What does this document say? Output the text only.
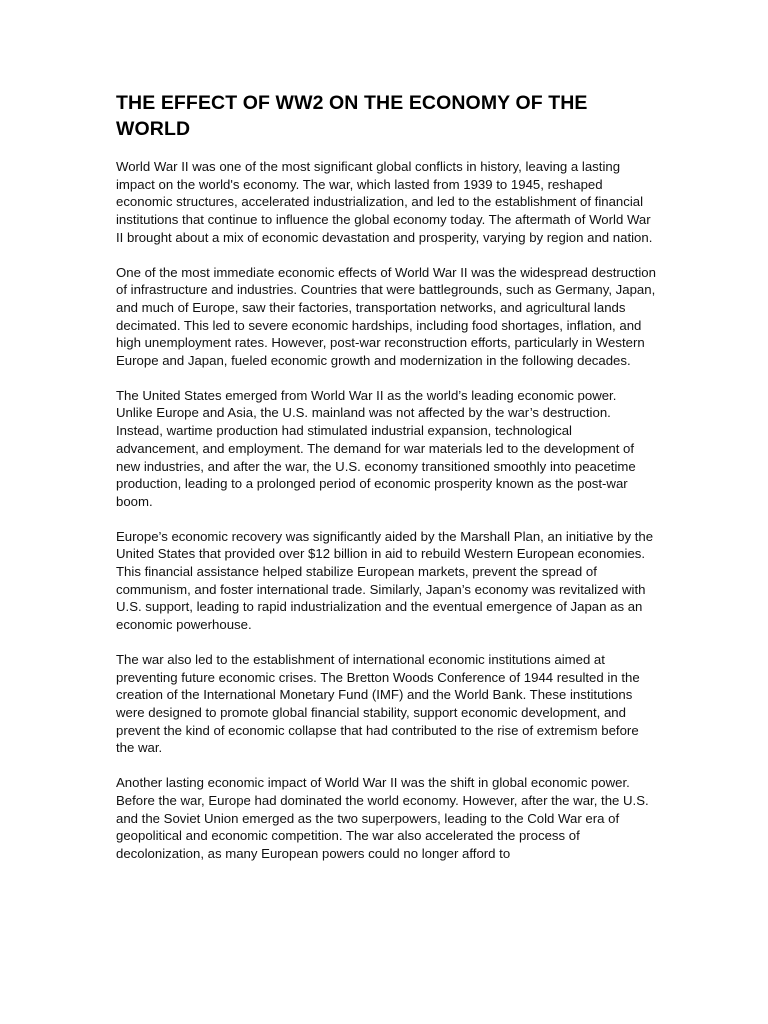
THE EFFECT OF WW2 ON THE ECONOMY OF THE WORLD

World War II was one of the most significant global conflicts in history, leaving a lasting impact on the world's economy. The war, which lasted from 1939 to 1945, reshaped economic structures, accelerated industrialization, and led to the establishment of financial institutions that continue to influence the global economy today. The aftermath of World War II brought about a mix of economic devastation and prosperity, varying by region and nation.

One of the most immediate economic effects of World War II was the widespread destruction of infrastructure and industries. Countries that were battlegrounds, such as Germany, Japan, and much of Europe, saw their factories, transportation networks, and agricultural lands decimated. This led to severe economic hardships, including food shortages, inflation, and high unemployment rates. However, post-war reconstruction efforts, particularly in Western Europe and Japan, fueled economic growth and modernization in the following decades.

The United States emerged from World War II as the world’s leading economic power. Unlike Europe and Asia, the U.S. mainland was not affected by the war’s destruction. Instead, wartime production had stimulated industrial expansion, technological advancement, and employment. The demand for war materials led to the development of new industries, and after the war, the U.S. economy transitioned smoothly into peacetime production, leading to a prolonged period of economic prosperity known as the post-war boom.

Europe’s economic recovery was significantly aided by the Marshall Plan, an initiative by the United States that provided over $12 billion in aid to rebuild Western European economies. This financial assistance helped stabilize European markets, prevent the spread of communism, and foster international trade. Similarly, Japan’s economy was revitalized with U.S. support, leading to rapid industrialization and the eventual emergence of Japan as an economic powerhouse.

The war also led to the establishment of international economic institutions aimed at preventing future economic crises. The Bretton Woods Conference of 1944 resulted in the creation of the International Monetary Fund (IMF) and the World Bank. These institutions were designed to promote global financial stability, support economic development, and prevent the kind of economic collapse that had contributed to the rise of extremism before the war.

Another lasting economic impact of World War II was the shift in global economic power. Before the war, Europe had dominated the world economy. However, after the war, the U.S. and the Soviet Union emerged as the two superpowers, leading to the Cold War era of geopolitical and economic competition. The war also accelerated the process of decolonization, as many European powers could no longer afford to
